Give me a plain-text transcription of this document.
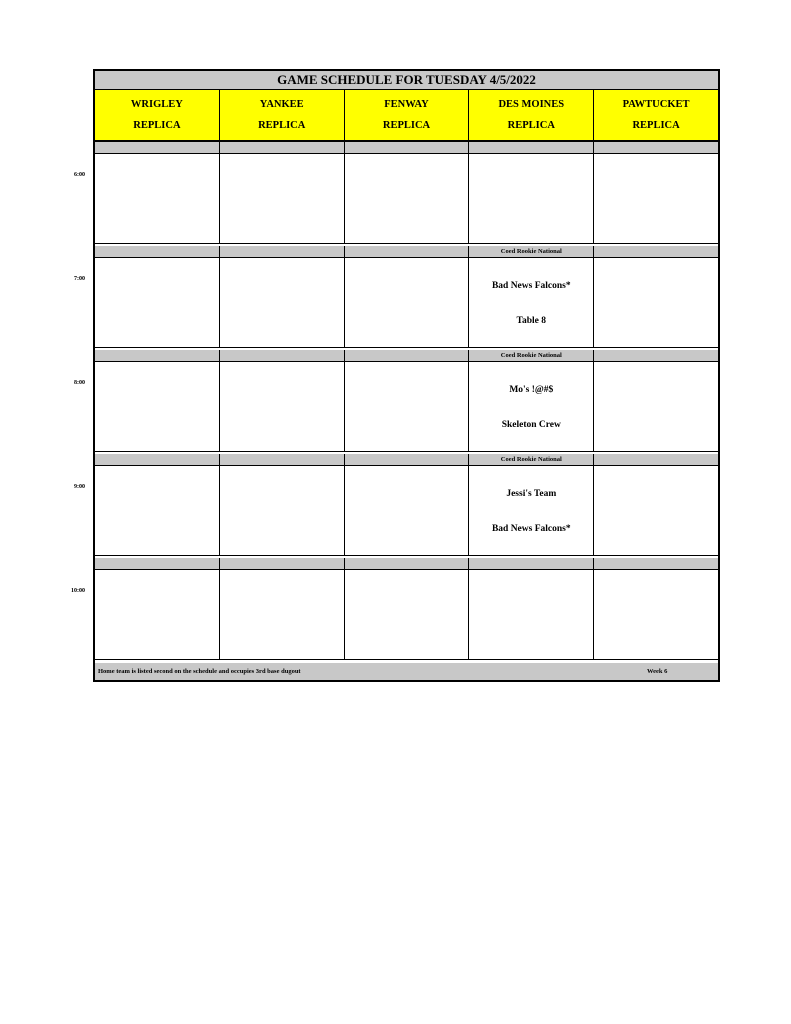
GAME SCHEDULE FOR TUESDAY 4/5/2022
WRIGLEY
REPLICA
YANKEE
REPLICA
FENWAY
REPLICA
DES MOINES
REPLICA
PAWTUCKET
REPLICA
Coed Rookie National
Bad News Falcons*
Table 8
Coed Rookie National
Mo's !@#$
Skeleton Crew
Coed Rookie National
Jessi's Team
Bad News Falcons*
Home team is listed second on the schedule and occupies 3rd base dugout	Week 6
6:00
7:00
8:00
9:00
10:00
